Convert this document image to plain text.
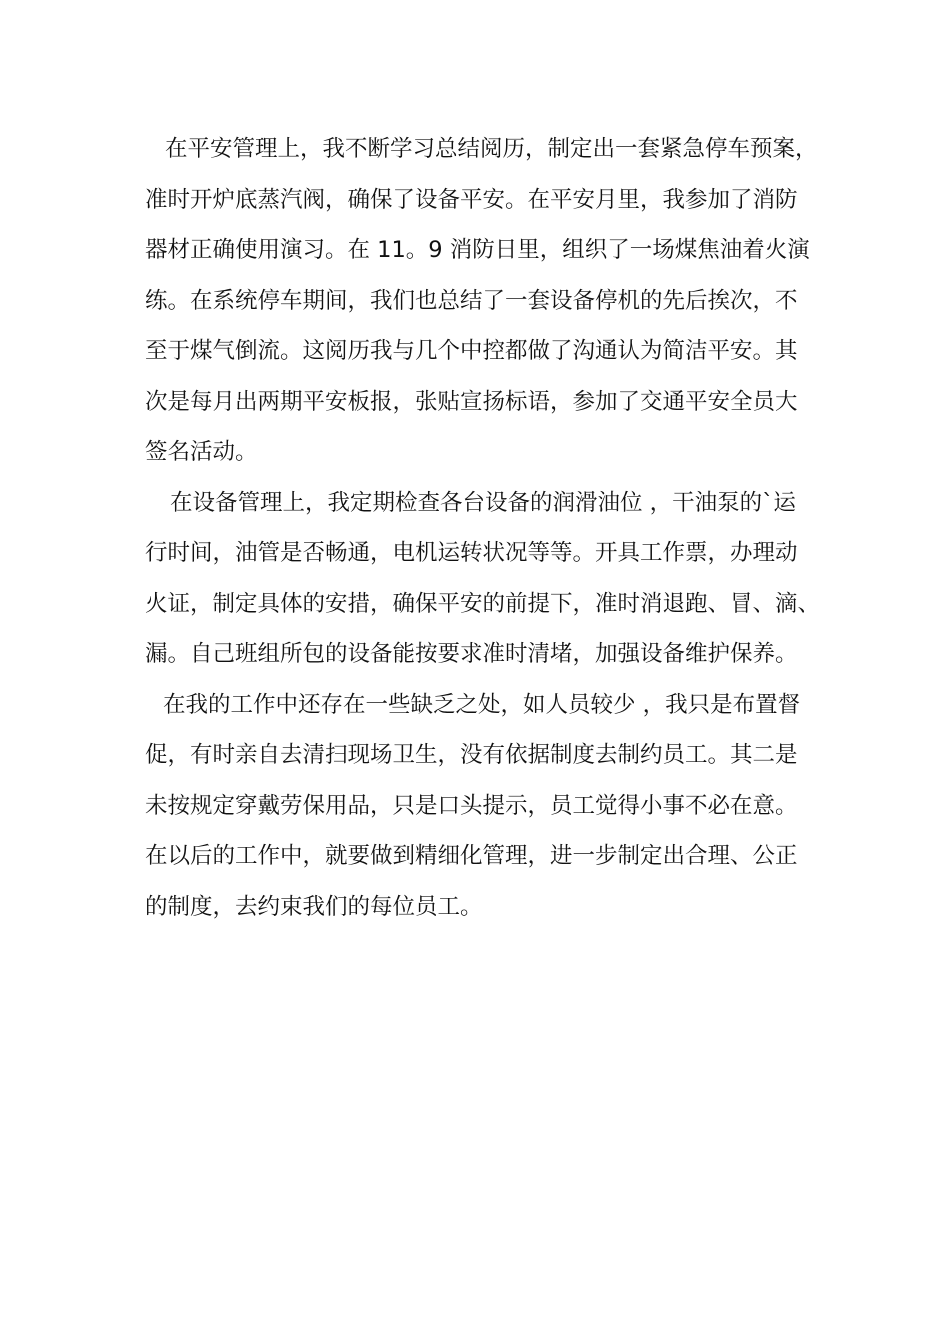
在平安管理上，我不断学习总结阅历，制定出一套紧急停车预案，
准时开炉底蒸汽阀，确保了设备平安。在平安月里，我参加了消防
器材正确使用演习。在 11。9 消防日里，组织了一场煤焦油着火演
练。在系统停车期间，我们也总结了一套设备停机的先后挨次，不
至于煤气倒流。这阅历我与几个中控都做了沟通认为简洁平安。其
次是每月出两期平安板报，张贴宣扬标语，参加了交通平安全员大
签名活动。
在设备管理上，我定期检查各台设备的润滑油位 ，干油泵的`运
行时间，油管是否畅通，电机运转状况等等。开具工作票，办理动
火证，制定具体的安措，确保平安的前提下，准时消退跑、冒、滴、
漏。自己班组所包的设备能按要求准时清堵，加强设备维护保养。
在我的工作中还存在一些缺乏之处，如人员较少 ，我只是布置督
促，有时亲自去清扫现场卫生，没有依据制度去制约员工。其二是
未按规定穿戴劳保用品，只是口头提示，员工觉得小事不必在意。
在以后的工作中，就要做到精细化管理，进一步制定出合理、公正
的制度，去约束我们的每位员工。
